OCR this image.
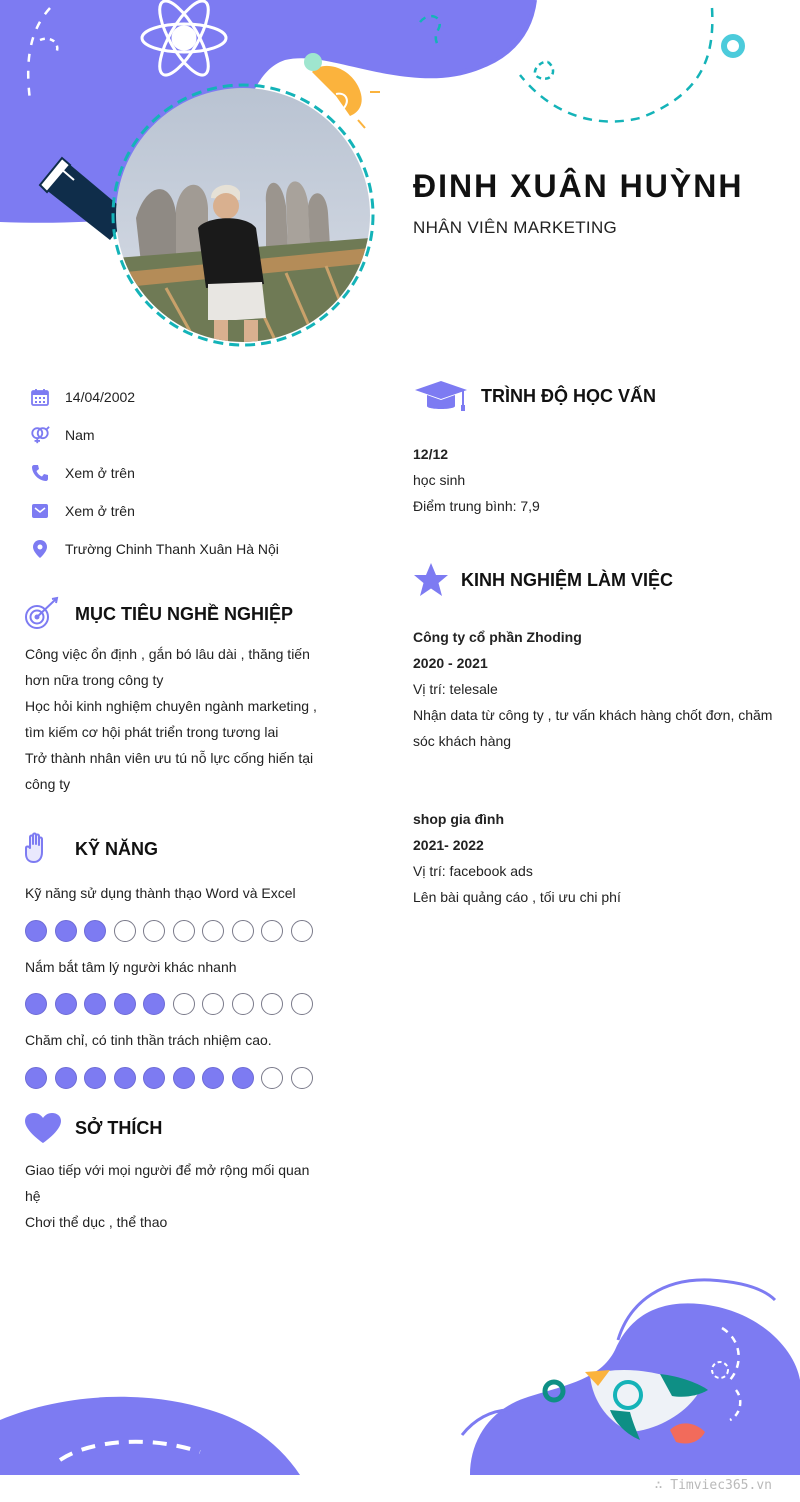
ĐINH XUÂN HUỲNH
NHÂN VIÊN MARKETING
14/04/2002
Nam
Xem ở trên
Xem ở trên
Trường Chinh Thanh Xuân Hà Nội
MỤC TIÊU NGHỀ NGHIỆP
Công việc ổn định , gắn bó lâu dài , thăng tiến
hơn nữa trong công ty
Học hỏi kinh nghiệm chuyên ngành marketing ,
tìm kiếm cơ hội phát triển trong tương lai
Trở thành nhân viên ưu tú nỗ lực cống hiến tại
công ty
KỸ NĂNG
Kỹ năng sử dụng thành thạo Word và Excel
Nắm bắt tâm lý người khác nhanh
Chăm chỉ, có tinh thần trách nhiệm cao.
SỞ THÍCH
Giao tiếp với mọi người để mở rộng mối quan
hệ
Chơi thể dục , thể thao
TRÌNH ĐỘ HỌC VẤN
12/12
học sinh
Điểm trung bình: 7,9
KINH NGHIỆM LÀM VIỆC
Công ty cổ phần Zhoding
2020 - 2021
Vị trí: telesale
Nhận data từ công ty , tư vấn khách hàng chốt đơn, chăm
sóc khách hàng
shop gia đình
2021- 2022
Vị trí: facebook ads
Lên bài quảng cáo , tối ưu chi phí
∴ Timviec365.vn
